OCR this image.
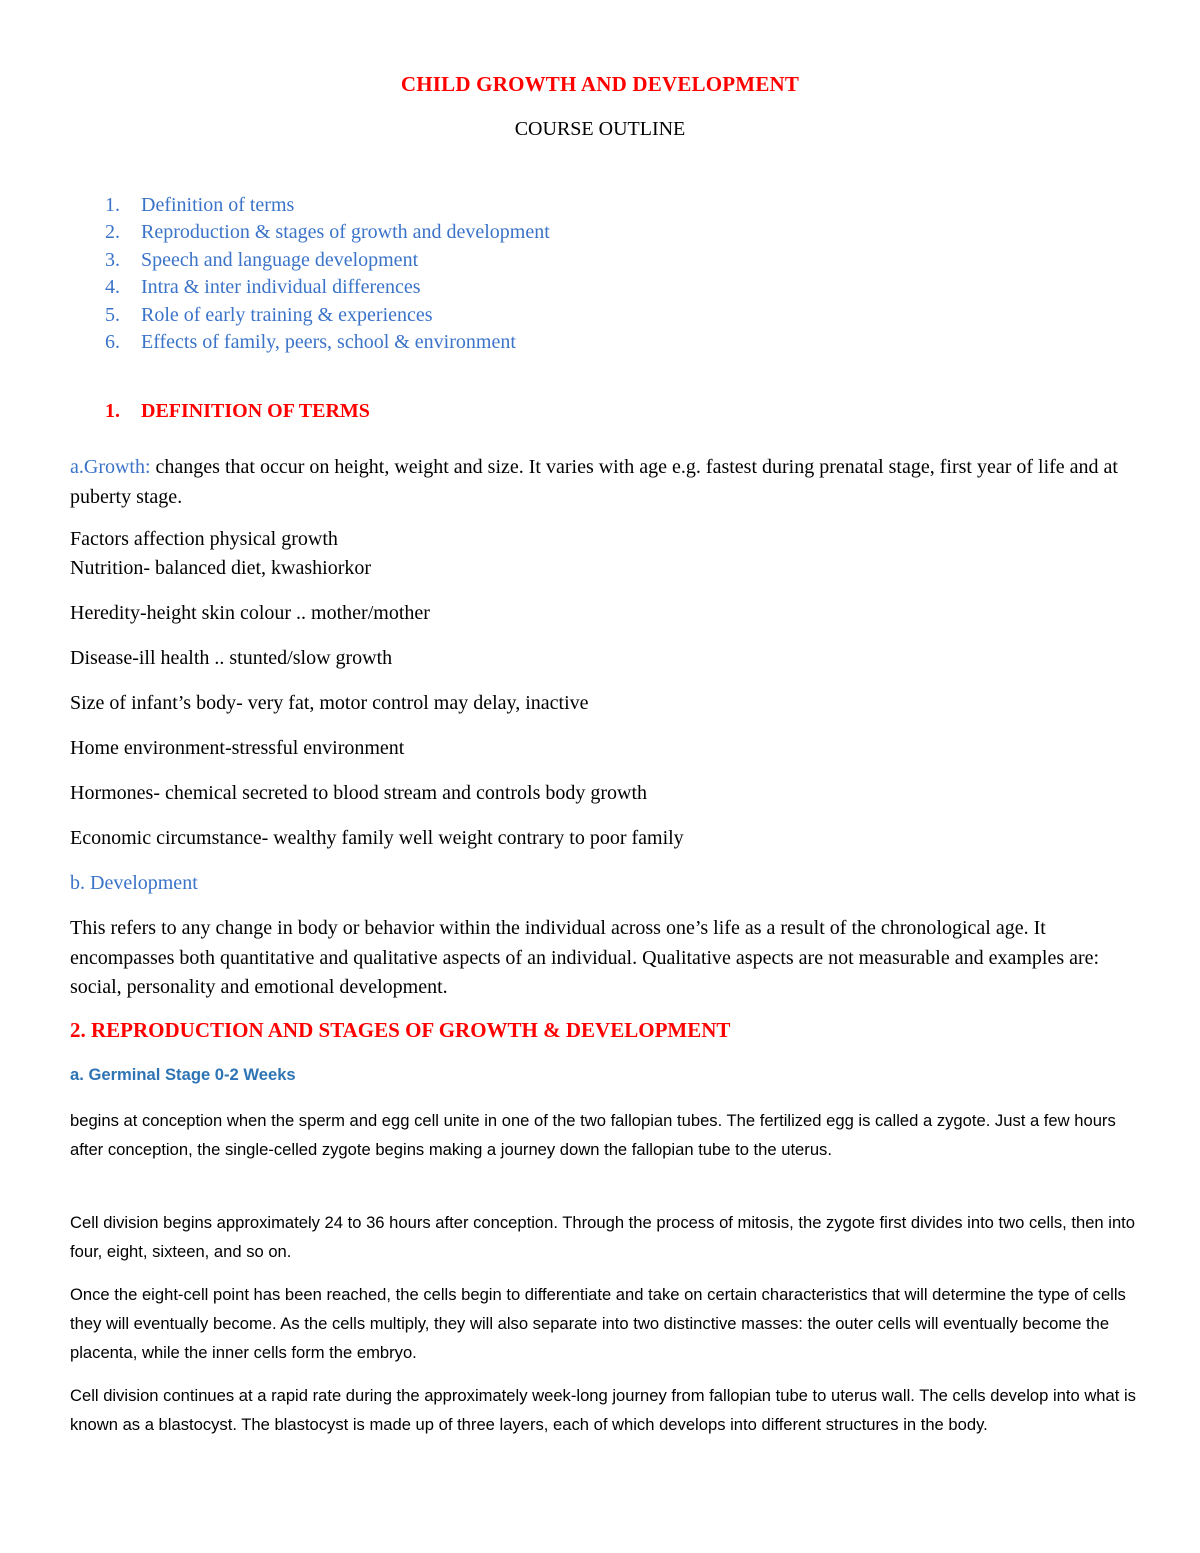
CHILD GROWTH AND DEVELOPMENT
COURSE OUTLINE
1. Definition of terms
2. Reproduction & stages of growth and development
3. Speech and language development
4. Intra & inter individual differences
5. Role of early training & experiences
6. Effects of family, peers, school & environment
1. DEFINITION OF TERMS

a.Growth: changes that occur on height, weight and size. It varies with age e.g. fastest during prenatal stage, first year of life and at puberty stage.

Factors affection physical growth
Nutrition- balanced diet, kwashiorkor
Heredity-height skin colour .. mother/mother
Disease-ill health .. stunted/slow growth
Size of infant’s body- very fat, motor control may delay, inactive
Home environment-stressful environment
Hormones- chemical secreted to blood stream and controls body growth
Economic circumstance- wealthy family well weight contrary to poor family
b. Development

This refers to any change in body or behavior within the individual across one’s life as a result of the chronological age. It encompasses both quantitative and qualitative aspects of an individual. Qualitative aspects are not measurable and examples are: social, personality and emotional development.

2. REPRODUCTION AND STAGES OF GROWTH & DEVELOPMENT
a. Germinal Stage 0-2 Weeks

begins at conception when the sperm and egg cell unite in one of the two fallopian tubes. The fertilized egg is called a zygote. Just a few hours after conception, the single-celled zygote begins making a journey down the fallopian tube to the uterus.

Cell division begins approximately 24 to 36 hours after conception. Through the process of mitosis, the zygote first divides into two cells, then into four, eight, sixteen, and so on.

Once the eight-cell point has been reached, the cells begin to differentiate and take on certain characteristics that will determine the type of cells they will eventually become. As the cells multiply, they will also separate into two distinctive masses: the outer cells will eventually become the placenta, while the inner cells form the embryo.

Cell division continues at a rapid rate during the approximately week-long journey from fallopian tube to uterus wall. The cells develop into what is known as a blastocyst. The blastocyst is made up of three layers, each of which develops into different structures in the body.
